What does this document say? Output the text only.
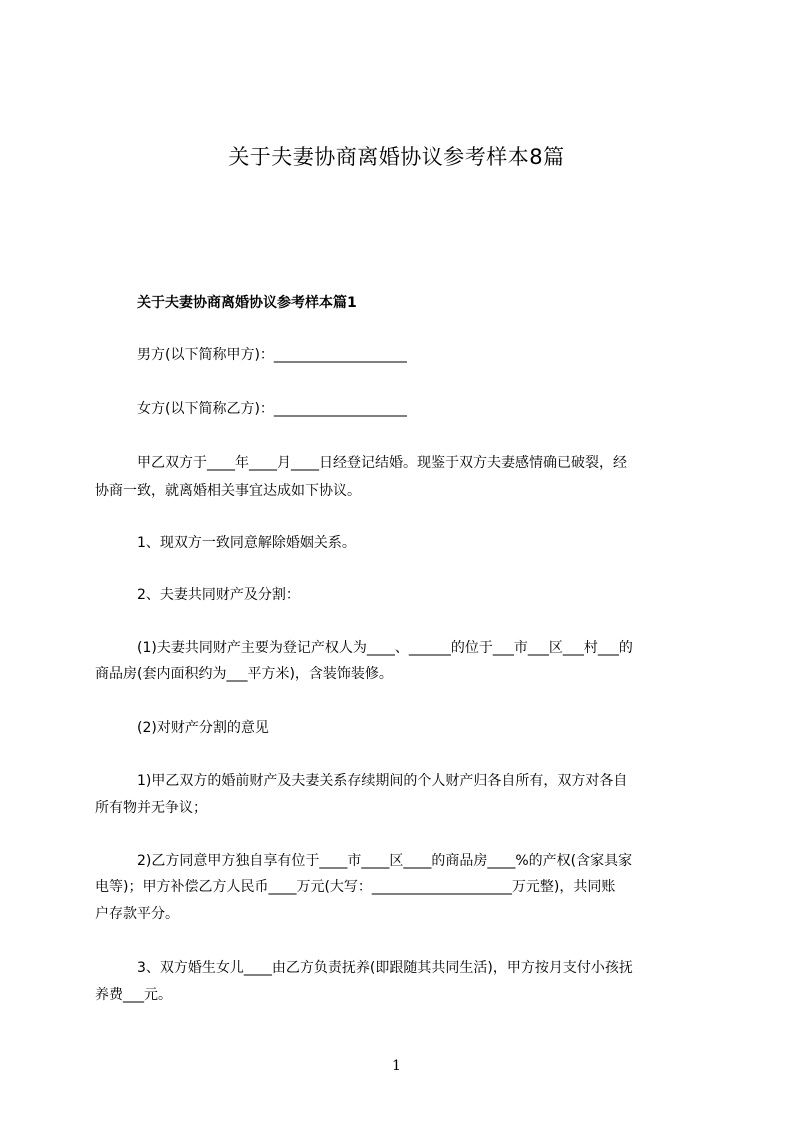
关于夫妻协商离婚协议参考样本8篇
关于夫妻协商离婚协议参考样本篇1
男方(以下简称甲方)：___________________
女方(以下简称乙方)：___________________
甲乙双方于____年____月____日经登记结婚。现鉴于双方夫妻感情确已破裂，经
协商一致，就离婚相关事宜达成如下协议。
1、现双方一致同意解除婚姻关系。
2、夫妻共同财产及分割：
(1)夫妻共同财产主要为登记产权人为____、______的位于___市___区___村___的
商品房(套内面积约为___平方米)，含装饰装修。
(2)对财产分割的意见
1)甲乙双方的婚前财产及夫妻关系存续期间的个人财产归各自所有，双方对各自
所有物并无争议；
2)乙方同意甲方独自享有位于____市____区____的商品房____%的产权(含家具家
电等)；甲方补偿乙方人民币____万元(大写：____________________万元整)，共同账
户存款平分。
3、双方婚生女儿____由乙方负责抚养(即跟随其共同生活)，甲方按月支付小孩抚
养费___元。
1
